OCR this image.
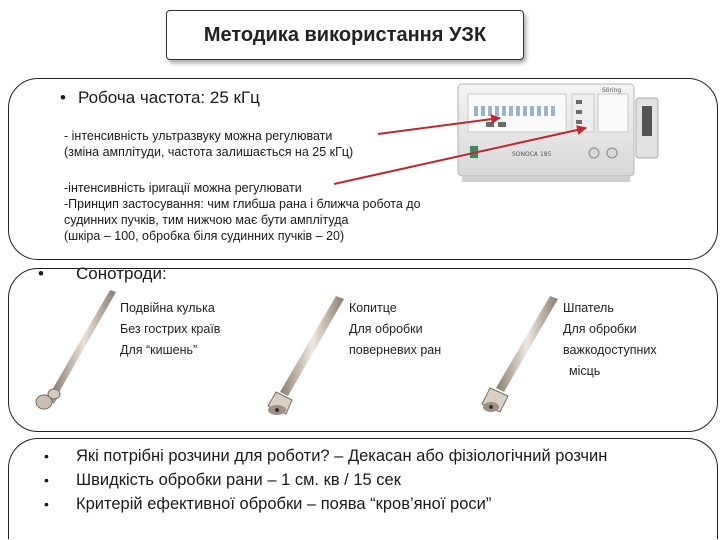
Методика використання УЗК
• Робоча частота: 25 кГц
- інтенсивність ультразвуку можна регулювати
(зміна амплітуди, частота залишається на 25 кГц)
-інтенсивність іригації можна регулювати
-Принцип застосування: чим глибша рана і ближча робота до
судинних пучків, тим нижчою має бути амплітуда
(шкіра – 100, обробка біля судинних пучків – 20)
Söring
SONOCA 185
• Сонотроди:
Подвійна кулька
Без гострих країв
Для “кишень”
Копитце
Для обробки
поверневих ран
Шпатель
Для обробки
важкодоступних
місць
•	Які потрібні розчини для роботи? – Декасан або фізіологічний розчин
•	Швидкість обробки рани – 1 см. кв / 15 сек
•	Критерій ефективної обробки – поява “кров’яної роси”
